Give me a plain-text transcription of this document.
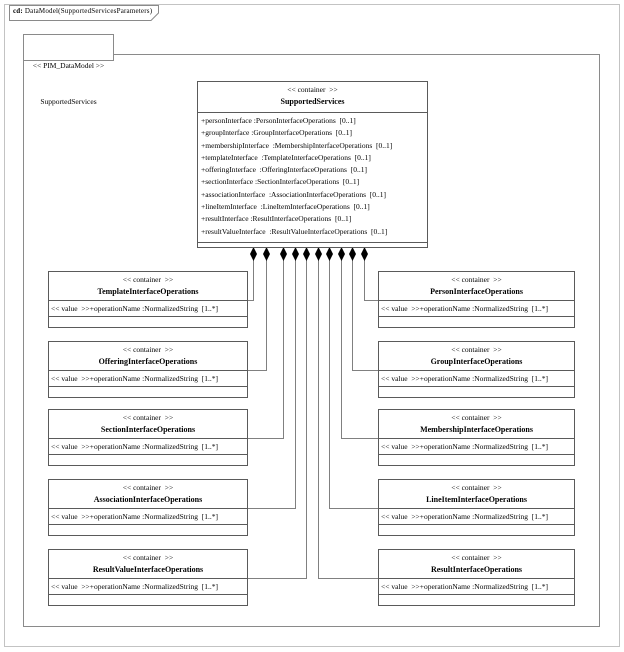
cd: DataModel(SupportedServicesParameters)

<< PIM_DataModel >>

SupportedServices

<< container  >>
SupportedServices
+personInterface :PersonInterfaceOperations  [0..1]
+groupInterface :GroupInterfaceOperations  [0..1]
+membershipInterface  :MembershipInterfaceOperations  [0..1]
+templateInterface  :TemplateInterfaceOperations  [0..1]
+offeringInterface  :OfferingInterfaceOperations  [0..1]
+sectionInterface :SectionInterfaceOperations  [0..1]
+associationInterface  :AssociationInterfaceOperations  [0..1]
+lineItemInterface  :LineItemInterfaceOperations  [0..1]
+resultInterface :ResultInterfaceOperations  [0..1]
+resultValueInterface  :ResultValueInterfaceOperations  [0..1]
<< container  >>
TemplateInterfaceOperations
<< value  >>+operationName :NormalizedString  [1..*]
<< container  >>
OfferingInterfaceOperations
<< value  >>+operationName :NormalizedString  [1..*]
<< container  >>
SectionInterfaceOperations
<< value  >>+operationName :NormalizedString  [1..*]
<< container  >>
AssociationInterfaceOperations
<< value  >>+operationName :NormalizedString  [1..*]
<< container  >>
ResultValueInterfaceOperations
<< value  >>+operationName :NormalizedString  [1..*]
<< container  >>
PersonInterfaceOperations
<< value  >>+operationName :NormalizedString  [1..*]
<< container  >>
GroupInterfaceOperations
<< value  >>+operationName :NormalizedString  [1..*]
<< container  >>
MembershipInterfaceOperations
<< value  >>+operationName :NormalizedString  [1..*]
<< container  >>
LineItemInterfaceOperations
<< value  >>+operationName :NormalizedString  [1..*]
<< container  >>
ResultInterfaceOperations
<< value  >>+operationName :NormalizedString  [1..*]
